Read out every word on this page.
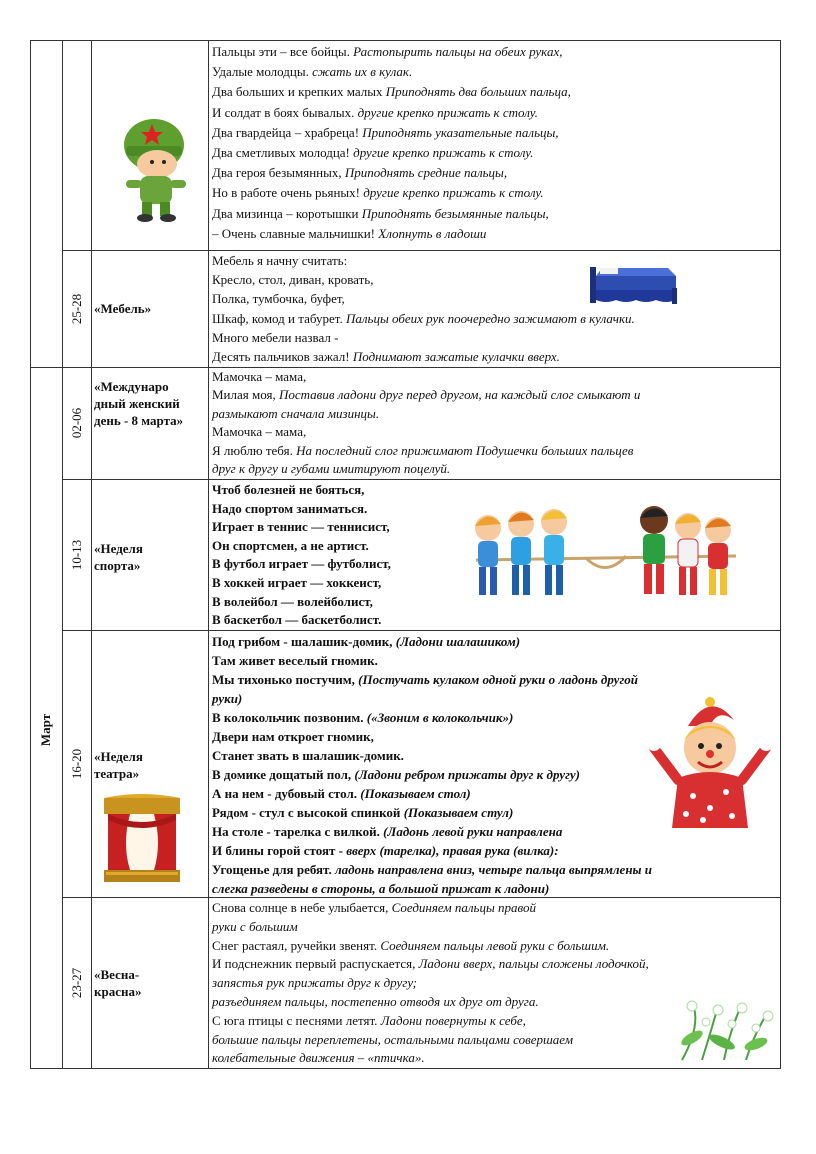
Март
25-28
02-06
10-13
16-20
23-27
«Мебель»
«Междунаро дный женский день - 8 марта»
«Неделя спорта»
«Неделя театра»
«Весна-красна»

Пальцы эти – все бойцы. Растопырить пальцы на обеих руках,

Удалые молодцы. сжать их в кулак.

Два больших и крепких малых Приподнять два больших пальца,

И солдат в боях бывалых. другие крепко прижать к столу.

Два гвардейца – храбреца! Приподнять указательные пальцы,

Два сметливых молодца! другие крепко прижать к столу.

Два героя безымянных, Приподнять средние пальцы,

Но в работе очень рьяных! другие крепко прижать к столу.

Два мизинца – коротышки Приподнять безымянные пальцы,

– Очень славные мальчишки! Хлопнуть в ладоши

Мебель я начну считать:

Кресло, стол, диван, кровать,

Полка, тумбочка, буфет,

Шкаф, комод и табурет. Пальцы обеих рук поочередно зажимают в кулачки.

Много мебели назвал -

Десять пальчиков зажал! Поднимают зажатые кулачки вверх.

Мамочка – мама,

Милая моя, Поставив ладони друг перед другом, на каждый слог смыкают и

размыкают сначала мизинцы.

Мамочка – мама,

Я люблю тебя. На последний слог прижимают Подушечки больших пальцев

друг к другу и губами имитируют поцелуй.

Чтоб болезней не бояться,

Надо спортом заниматься.

Играет в теннис — теннисист,

Он спортсмен, а не артист.

В футбол играет — футболист,

В хоккей играет — хоккеист,

В волейбол — волейболист,

В баскетбол — баскетболист.

Под грибом - шалашик-домик, (Ладони шалашиком)

Там живет веселый гномик.

Мы тихонько постучим, (Постучать кулаком одной руки о ладонь другой

руки)

В колокольчик позвоним. («Звоним в колокольчик»)

Двери нам откроет гномик,

Станет звать в шалашик-домик.

В домике дощатый пол, (Ладони ребром прижаты друг к другу)

А на нем - дубовый стол. (Показываем стол)

Рядом - стул с высокой спинкой (Показываем стул)

На столе - тарелка с вилкой. (Ладонь левой руки направлена

И блины горой стоят - вверх (тарелка), правая рука (вилка):

Угощенье для ребят. ладонь направлена вниз, четыре пальца выпрямлены и

слегка разведены в стороны, а большой прижат к ладони)

Снова солнце в небе улыбается, Соединяем пальцы правой

руки с большим

Снег растаял, ручейки звенят. Соединяем пальцы левой руки с большим.

И подснежник первый распускается, Ладони вверх, пальцы сложены лодочкой,

запястья рук прижаты друг к другу;

разъединяем пальцы, постепенно отводя их друг от друга.

С юга птицы с песнями летят. Ладони повернуты к себе,

большие пальцы переплетены, остальными пальцами совершаем

колебательные движения – «птичка».
